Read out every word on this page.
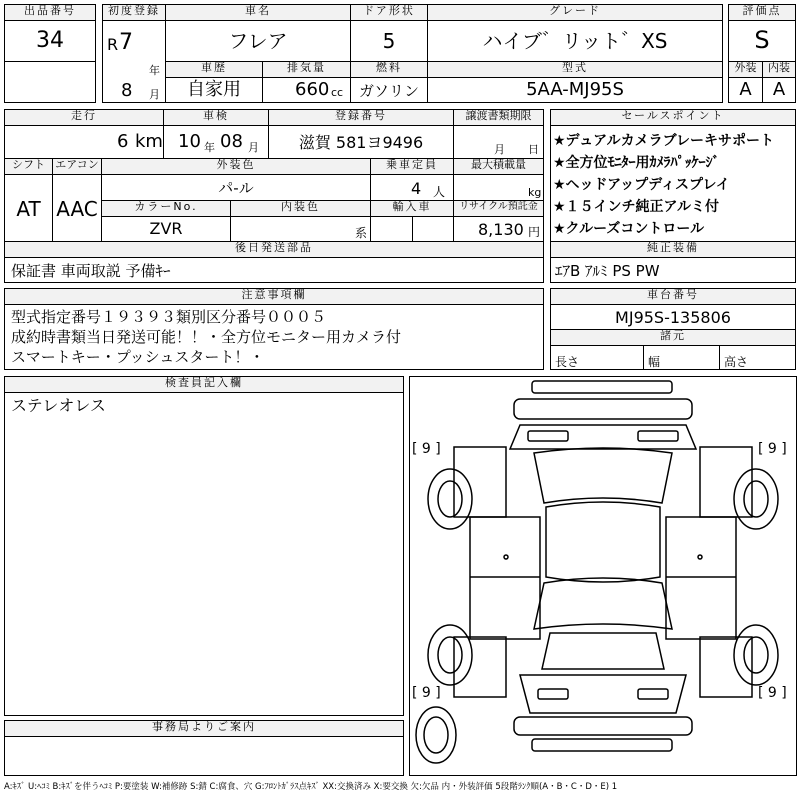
出品番号
34
初度登録
R 7
年
8 月
車名
フレア
ドア形状
5
グレード
ハイブ゛リット゛XS
評価点
S
車歴
自家用
排気量
660 cc
燃料
ガソリン
型式
5AA-MJ95S
外装	内装
A	A
走行
6 km
車検
10 年 08 月
登録番号
滋賀 581ヨ9496
譲渡書類期限
月 日
シフト
AT
エアコン
AAC
外装色
パ-ル
乗車定員
4 人
最大積載量
kg
カラーNo.
ZVR
内装色
系
輸入車	リサイクル預託金
8,130 円
セールスポイント
★デュアルカメラブレーキサポート
★全方位ﾓﾆﾀｰ用ｶﾒﾗﾊﾟｯｹｰｼﾞ
★ヘッドアップディスプレイ
★１５インチ純正アルミ付
★クルーズコントロール
後日発送部品
保証書 車両取説 予備ｷｰ
純正装備
ｴｱB ｱﾙﾐ PS PW
注意事項欄
型式指定番号１９３９３類別区分番号０００５
成約時書類当日発送可能！！・全方位モニター用カメラ付
スマートキー・プッシュスタート！・
車台番号
MJ95S-135806
諸元
長さ	幅	高さ
検査員記入欄
ステレオレス
事務局よりご案内
[ 9 ]	[ 9 ]
[ 9 ]	[ 9 ]
A:ｷｽﾞ U:ﾍｺﾐ B:ｷｽﾞを伴うﾍｺﾐ P:要塗装 W:補修跡 S:錆 C:腐食、穴 G:ﾌﾛﾝﾄｶﾞﾗｽ点ｷｽﾞ XX:交換済み X:要交換 欠:欠品 内・外装評価 5段階ﾗﾝｸ順(A・B・C・D・E) 1
